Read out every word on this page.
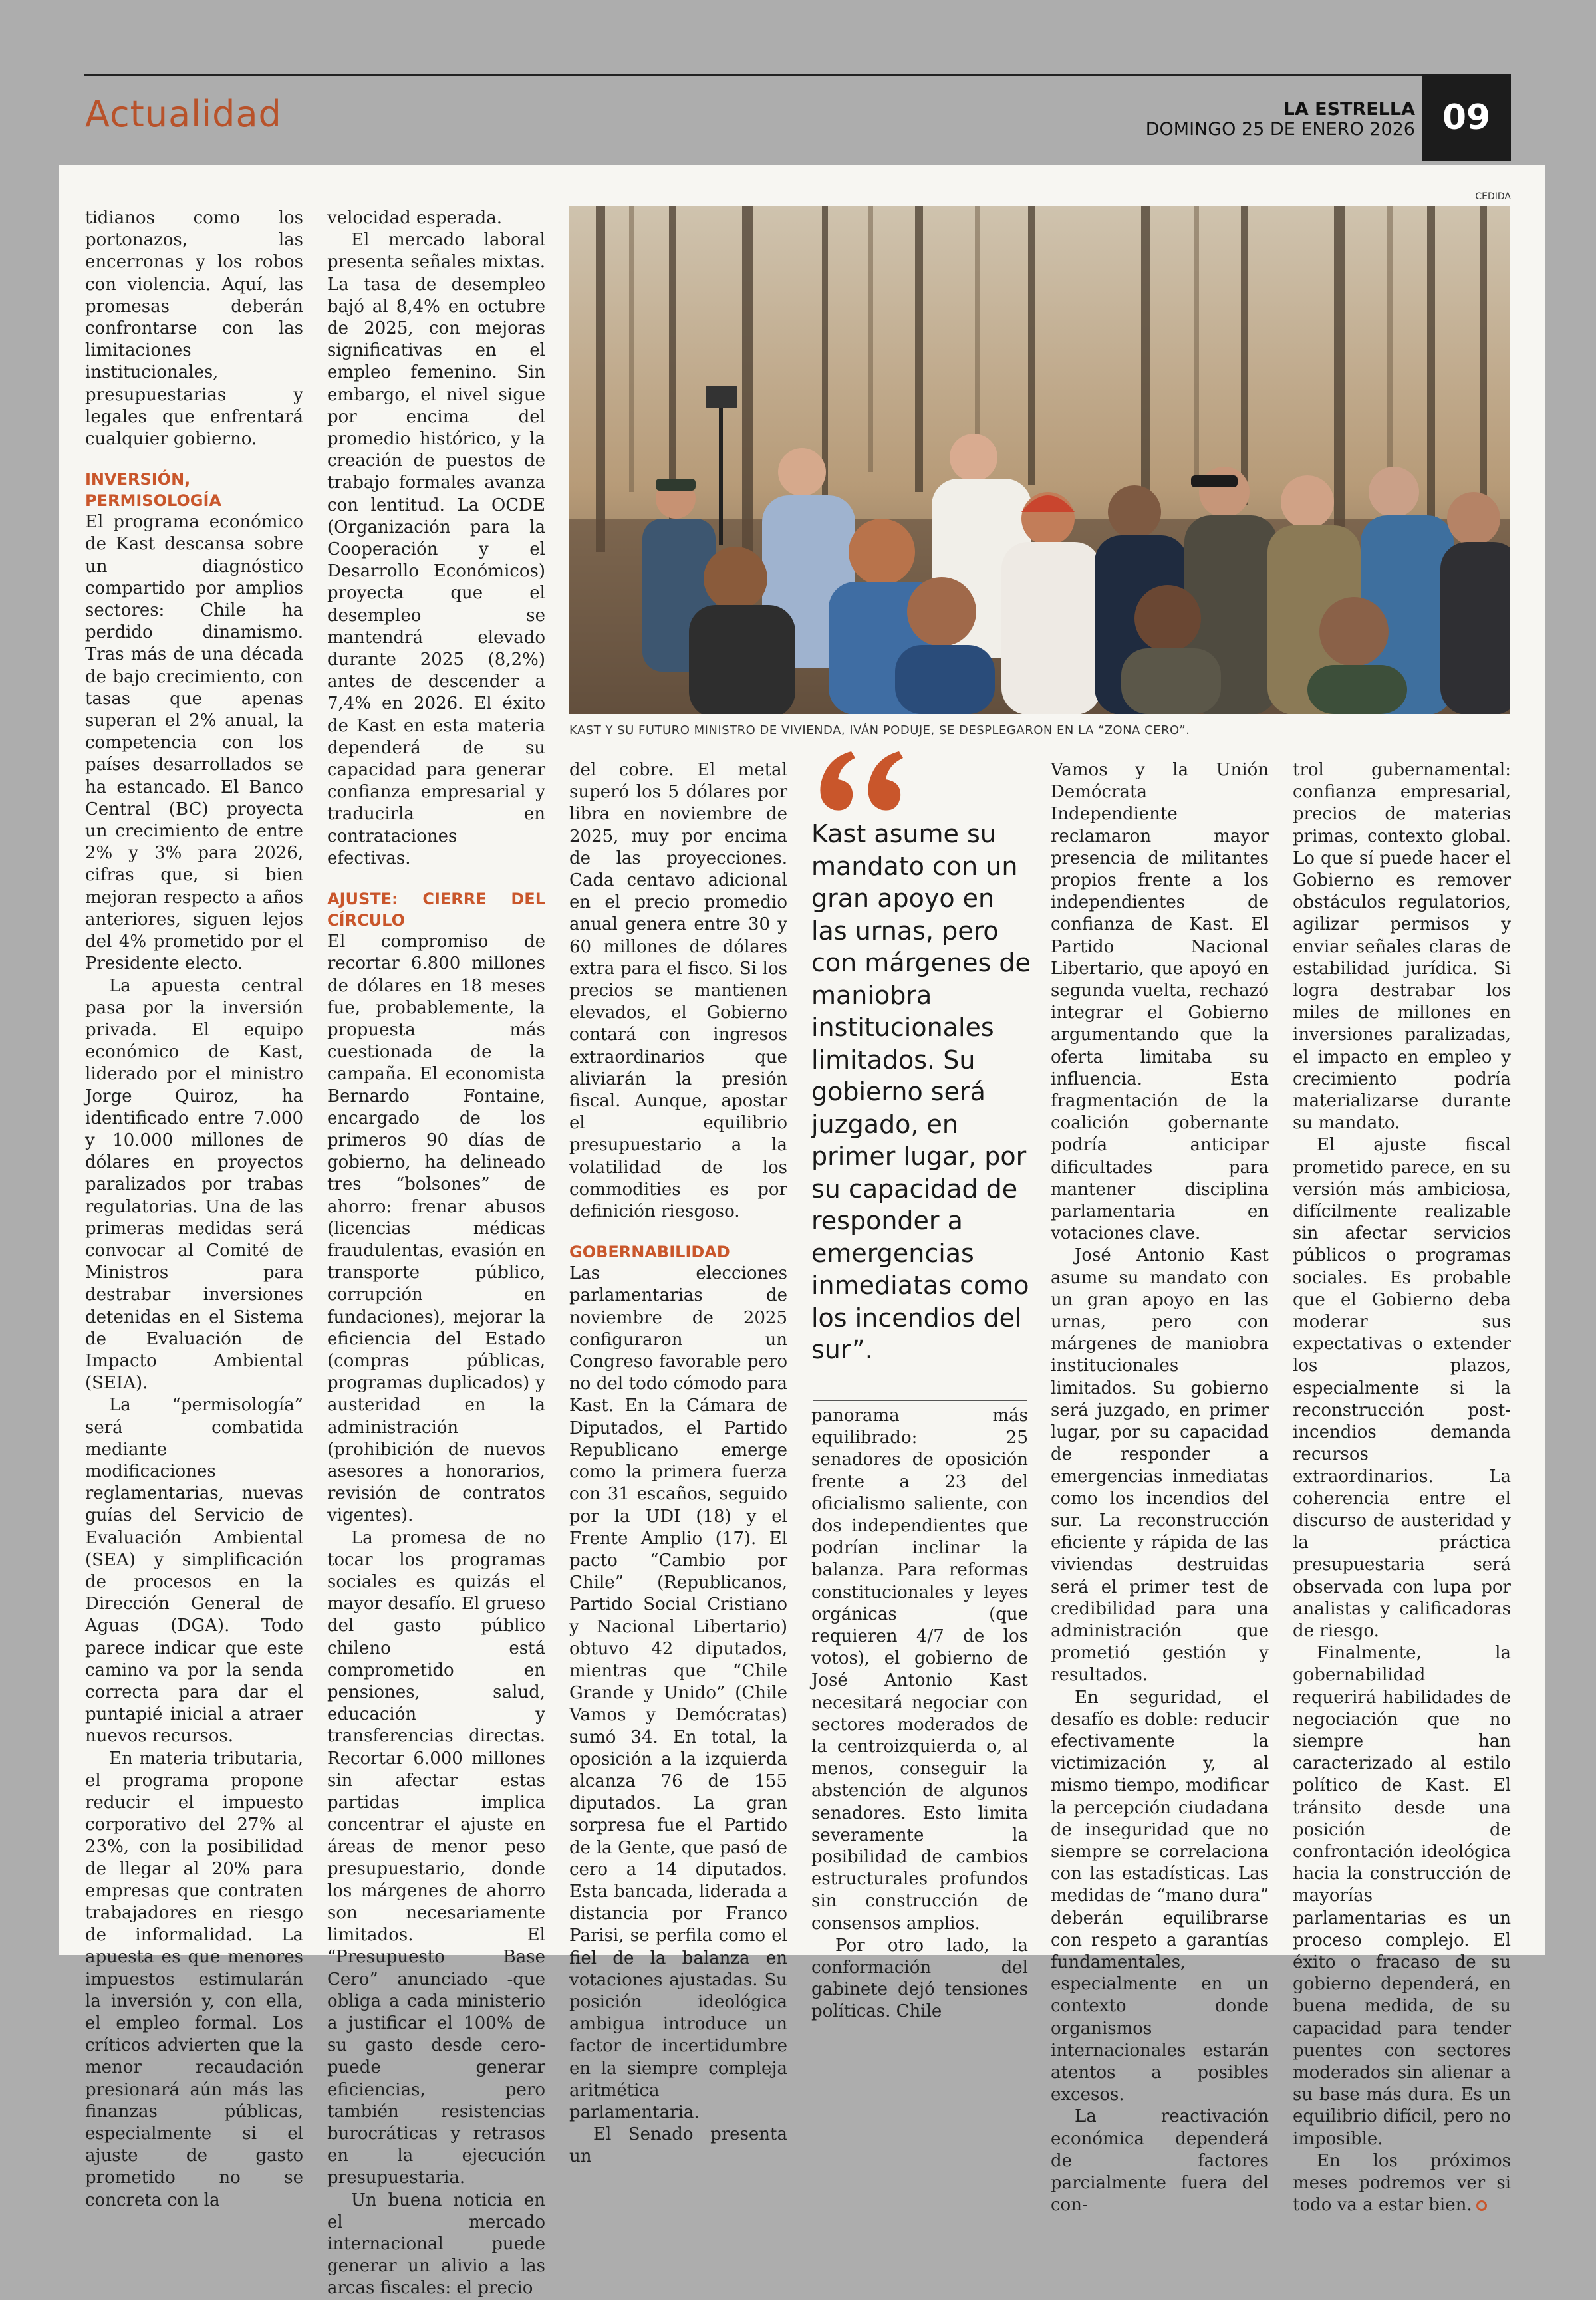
Actualidad	LA ESTRELLA
DOMINGO 25 DE ENERO 2026 09

tidianos como los portonazos, las encerronas y los robos con violencia. Aquí, las promesas deberán confrontarse con las limitaciones institucionales, presupuestarias y legales que enfrentará cualquier gobierno.

INVERSIÓN, PERMISOLOGÍA

El programa económico de Kast descansa sobre un diagnóstico compartido por amplios sectores: Chile ha perdido dinamismo. Tras más de una década de bajo crecimiento, con tasas que apenas superan el 2% anual, la competencia con los países desarrollados se ha estancado. El Banco Central (BC) proyecta un crecimiento de entre 2% y 3% para 2026, cifras que, si bien mejoran respecto a años anteriores, siguen lejos del 4% prometido por el Presidente electo.

La apuesta central pasa por la inversión privada. El equipo económico de Kast, liderado por el ministro Jorge Quiroz, ha identificado entre 7.000 y 10.000 millones de dólares en proyectos paralizados por trabas regulatorias. Una de las primeras medidas será convocar al Comité de Ministros para destrabar inversiones detenidas en el Sistema de Evaluación de Impacto Ambiental (SEIA).

La “permisología” será combatida mediante modificaciones reglamentarias, nuevas guías del Servicio de Evaluación Ambiental (SEA) y simplificación de procesos en la Dirección General de Aguas (DGA). Todo parece indicar que este camino va por la senda correcta para dar el puntapié inicial a atraer nuevos recursos.

En materia tributaria, el programa propone reducir el impuesto corporativo del 27% al 23%, con la posibilidad de llegar al 20% para empresas que contraten trabajadores en riesgo de informalidad. La apuesta es que menores impuestos estimularán la inversión y, con ella, el empleo formal. Los críticos advierten que la menor recaudación presionará aún más las finanzas públicas, especialmente si el ajuste de gasto prometido no se concreta con la

velocidad esperada.

El mercado laboral presenta señales mixtas. La tasa de desempleo bajó al 8,4% en octubre de 2025, con mejoras significativas en el empleo femenino. Sin embargo, el nivel sigue por encima del promedio histórico, y la creación de puestos de trabajo formales avanza con lentitud. La OCDE (Organización para la Cooperación y el Desarrollo Económicos) proyecta que el desempleo se mantendrá elevado durante 2025 (8,2%) antes de descender a 7,4% en 2026. El éxito de Kast en esta materia dependerá de su capacidad para generar confianza empresarial y traducirla en contrataciones efectivas.

AJUSTE: CIERRE DEL CÍRCULO

El compromiso de recortar 6.800 millones de dólares en 18 meses fue, probablemente, la propuesta más cuestionada de la campaña. El economista Bernardo Fontaine, encargado de los primeros 90 días de gobierno, ha delineado tres “bolsones” de ahorro: frenar abusos (licencias médicas fraudulentas, evasión en transporte público, corrupción en fundaciones), mejorar la eficiencia del Estado (compras públicas, programas duplicados) y austeridad en la administración (prohibición de nuevos asesores a honorarios, revisión de contratos vigentes).

La promesa de no tocar los programas sociales es quizás el mayor desafío. El grueso del gasto público chileno está comprometido en pensiones, salud, educación y transferencias directas. Recortar 6.000 millones sin afectar estas partidas implica concentrar el ajuste en áreas de menor peso presupuestario, donde los márgenes de ahorro son necesariamente limitados. El “Presupuesto Base Cero” anunciado -que obliga a cada ministerio a justificar el 100% de su gasto desde cero- puede generar eficiencias, pero también resistencias burocráticas y retrasos en la ejecución presupuestaria.

Un buena noticia en el mercado internacional puede generar un alivio a las arcas fiscales: el precio

CEDIDA
KAST Y SU FUTURO MINISTRO DE VIVIENDA, IVÁN PODUJE, SE DESPLEGARON EN LA “ZONA CERO”.

del cobre. El metal superó los 5 dólares por libra en noviembre de 2025, muy por encima de las proyecciones. Cada centavo adicional en el precio promedio anual genera entre 30 y 60 millones de dólares extra para el fisco. Si los precios se mantienen elevados, el Gobierno contará con ingresos extraordinarios que aliviarán la presión fiscal. Aunque, apostar el equilibrio presupuestario a la volatilidad de los commodities es por definición riesgoso.

GOBERNABILIDAD

Las elecciones parlamentarias de noviembre de 2025 configuraron un Congreso favorable pero no del todo cómodo para Kast. En la Cámara de Diputados, el Partido Republicano emerge como la primera fuerza con 31 escaños, seguido por la UDI (18) y el Frente Amplio (17). El pacto “Cambio por Chile” (Republicanos, Partido Social Cristiano y Nacional Libertario) obtuvo 42 diputados, mientras que “Chile Grande y Unido” (Chile Vamos y Demócratas) sumó 34. En total, la oposición a la izquierda alcanza 76 de 155 diputados. La gran sorpresa fue el Partido de la Gente, que pasó de cero a 14 diputados. Esta bancada, liderada a distancia por Franco Parisi, se perfila como el fiel de la balanza en votaciones ajustadas. Su posición ideológica ambigua introduce un factor de incertidumbre en la siempre compleja aritmética parlamentaria.

El Senado presenta un

Kast asume su mandato con un gran apoyo en las urnas, pero con márgenes de maniobra institucionales limitados. Su gobierno será juzgado, en primer lugar, por su capacidad de responder a emergencias inmediatas como los incendios del sur”.

panorama más equilibrado: 25 senadores de oposición frente a 23 del oficialismo saliente, con dos independientes que podrían inclinar la balanza. Para reformas constitucionales y leyes orgánicas (que requieren 4/7 de los votos), el gobierno de José Antonio Kast necesitará negociar con sectores moderados de la centroizquierda o, al menos, conseguir la abstención de algunos senadores. Esto limita severamente la posibilidad de cambios estructurales profundos sin construcción de consensos amplios.

Por otro lado, la conformación del gabinete dejó tensiones políticas. Chile

Vamos y la Unión Demócrata Independiente reclamaron mayor presencia de militantes propios frente a los independientes de confianza de Kast. El Partido Nacional Libertario, que apoyó en segunda vuelta, rechazó integrar el Gobierno argumentando que la oferta limitaba su influencia. Esta fragmentación de la coalición gobernante podría anticipar dificultades para mantener disciplina parlamentaria en votaciones clave.

José Antonio Kast asume su mandato con un gran apoyo en las urnas, pero con márgenes de maniobra institucionales limitados. Su gobierno será juzgado, en primer lugar, por su capacidad de responder a emergencias inmediatas como los incendios del sur. La reconstrucción eficiente y rápida de las viviendas destruidas será el primer test de credibilidad para una administración que prometió gestión y resultados.

En seguridad, el desafío es doble: reducir efectivamente la victimización y, al mismo tiempo, modificar la percepción ciudadana de inseguridad que no siempre se correlaciona con las estadísticas. Las medidas de “mano dura” deberán equilibrarse con respeto a garantías fundamentales, especialmente en un contexto donde organismos internacionales estarán atentos a posibles excesos.

La reactivación económica dependerá de factores parcialmente fuera del con-

trol gubernamental: confianza empresarial, precios de materias primas, contexto global. Lo que sí puede hacer el Gobierno es remover obstáculos regulatorios, agilizar permisos y enviar señales claras de estabilidad jurídica. Si logra destrabar los miles de millones en inversiones paralizadas, el impacto en empleo y crecimiento podría materializarse durante su mandato.

El ajuste fiscal prometido parece, en su versión más ambiciosa, difícilmente realizable sin afectar servicios públicos o programas sociales. Es probable que el Gobierno deba moderar sus expectativas o extender los plazos, especialmente si la reconstrucción post-incendios demanda recursos extraordinarios. La coherencia entre el discurso de austeridad y la práctica presupuestaria será observada con lupa por analistas y calificadoras de riesgo.

Finalmente, la gobernabilidad requerirá habilidades de negociación que no siempre han caracterizado al estilo político de Kast. El tránsito desde una posición de confrontación ideológica hacia la construcción de mayorías parlamentarias es un proceso complejo. El éxito o fracaso de su gobierno dependerá, en buena medida, de su capacidad para tender puentes con sectores moderados sin alienar a su base más dura. Es un equilibrio difícil, pero no imposible.

En los próximos meses podremos ver si todo va a estar bien.
